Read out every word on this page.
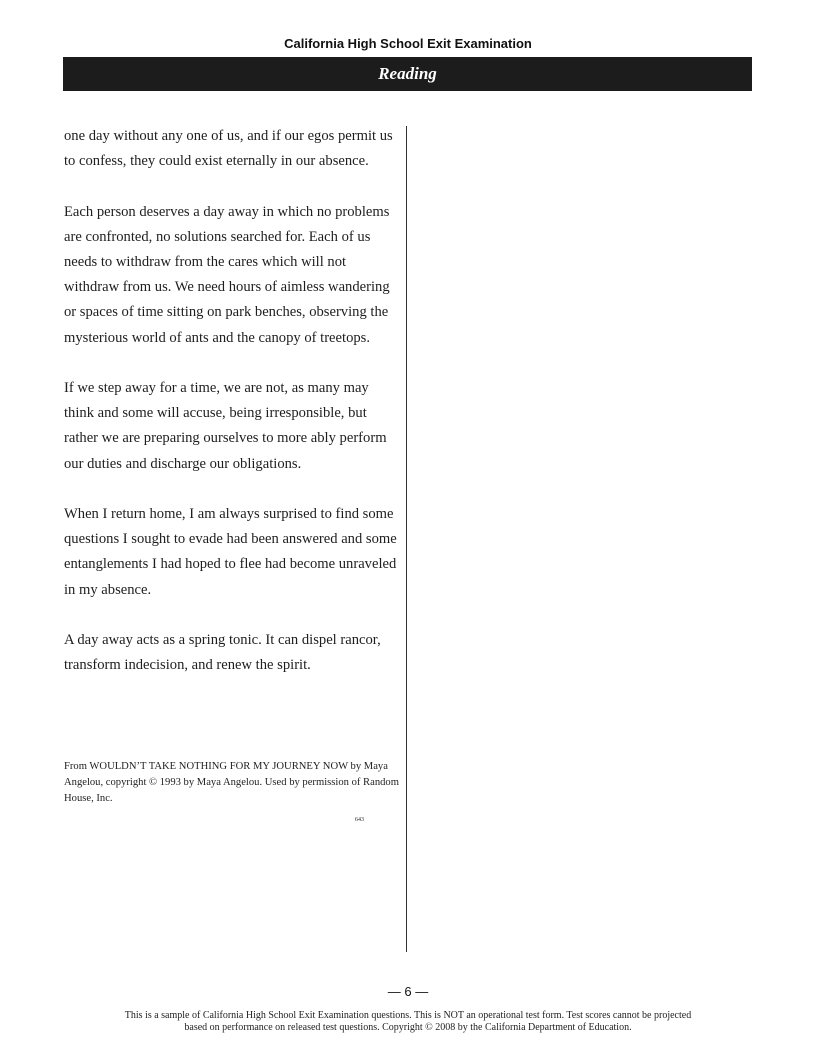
California High School Exit Examination
Reading

one day without any one of us, and if our egos permit us to confess, they could exist eternally in our absence.

Each person deserves a day away in which no problems are confronted, no solutions searched for. Each of us needs to withdraw from the cares which will not withdraw from us. We need hours of aimless wandering or spaces of time sitting on park benches, observing the mysterious world of ants and the canopy of treetops.

If we step away for a time, we are not, as many may think and some will accuse, being irresponsible, but rather we are preparing ourselves to more ably perform our duties and discharge our obligations.

When I return home, I am always surprised to find some questions I sought to evade had been answered and some entanglements I had hoped to flee had become unraveled in my absence.

A day away acts as a spring tonic. It can dispel rancor, transform indecision, and renew the spirit.

From WOULDN’T TAKE NOTHING FOR MY JOURNEY NOW by Maya Angelou, copyright © 1993 by Maya Angelou. Used by permission of Random House, Inc.
643
— 6 —
This is a sample of California High School Exit Examination questions. This is NOT an operational test form. Test scores cannot be projected
based on performance on released test questions. Copyright © 2008 by the California Department of Education.
